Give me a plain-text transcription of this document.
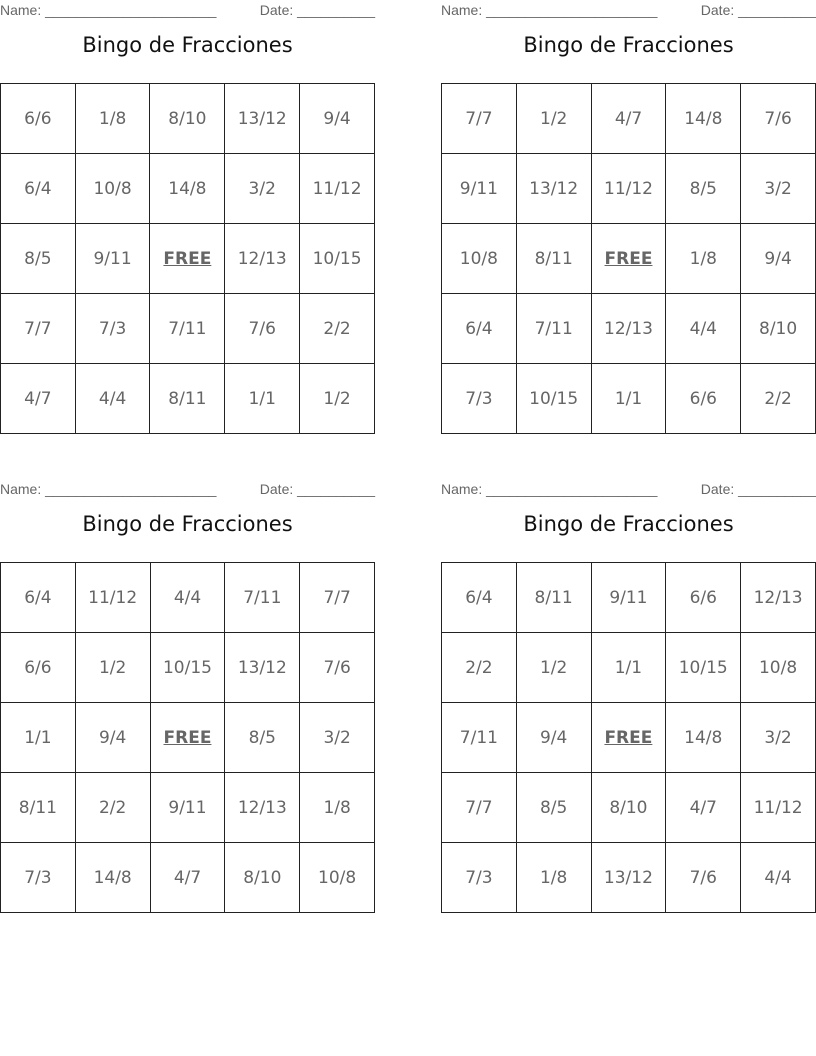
Name: ______________________	Date: __________
Bingo de Fracciones
6/6	1/8	8/10	13/12	9/4
6/4	10/8	14/8	3/2	11/12
8/5	9/11	FREE	12/13	10/15
7/7	7/3	7/11	7/6	2/2
4/7	4/4	8/11	1/1	1/2
Name: ______________________	Date: __________
Bingo de Fracciones
7/7	1/2	4/7	14/8	7/6
9/11	13/12	11/12	8/5	3/2
10/8	8/11	FREE	1/8	9/4
6/4	7/11	12/13	4/4	8/10
7/3	10/15	1/1	6/6	2/2
Name: ______________________	Date: __________
Bingo de Fracciones
6/4	11/12	4/4	7/11	7/7
6/6	1/2	10/15	13/12	7/6
1/1	9/4	FREE	8/5	3/2
8/11	2/2	9/11	12/13	1/8
7/3	14/8	4/7	8/10	10/8
Name: ______________________	Date: __________
Bingo de Fracciones
6/4	8/11	9/11	6/6	12/13
2/2	1/2	1/1	10/15	10/8
7/11	9/4	FREE	14/8	3/2
7/7	8/5	8/10	4/7	11/12
7/3	1/8	13/12	7/6	4/4
